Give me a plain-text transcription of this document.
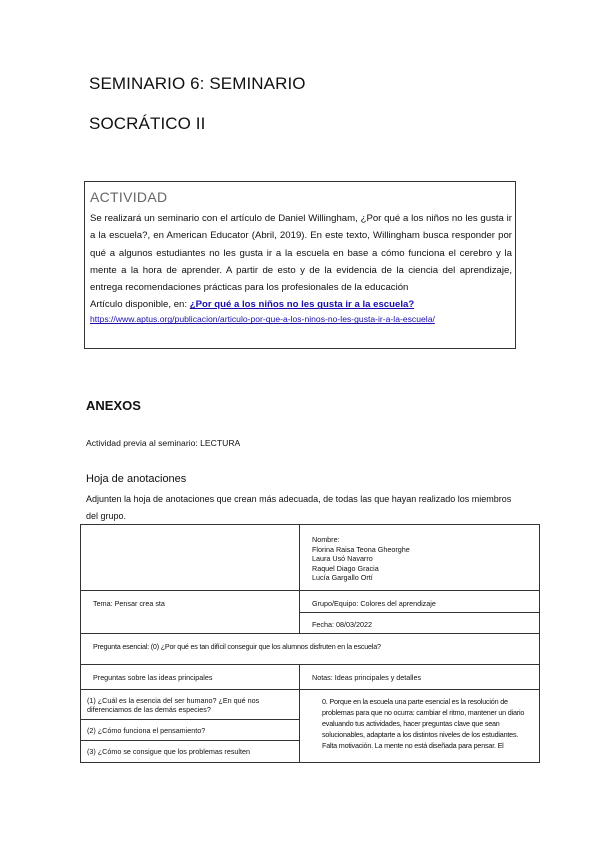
SEMINARIO 6: SEMINARIO
SOCRÁTICO II
ACTIVIDAD
Se realizará un seminario con el artículo de Daniel Willingham, ¿Por qué a los niños no les gusta ir a la escuela?, en American Educator (Abril, 2019). En este texto, Willingham busca responder por qué a algunos estudiantes no les gusta ir a la escuela en base a cómo funciona el cerebro y la mente a la hora de aprender. A partir de esto y de la evidencia de la ciencia del aprendizaje, entrega recomendaciones prácticas para los profesionales de la educación
Artículo disponible, en: ¿Por qué a los niños no les gusta ir a la escuela?
https://www.aptus.org/publicacion/articulo-por-que-a-los-ninos-no-les-gusta-ir-a-la-escuela/
ANEXOS
Actividad previa al seminario: LECTURA
Hoja de anotaciones
Adjunten la hoja de anotaciones que crean más adecuada, de todas las que hayan realizado los miembros del grupo.

	Nombre:
Florina Raisa Teona Gheorghe
Laura Usó Navarro
Raquel Diago Gracia
Lucía Gargallo Ortí

Tema: Pensar crea sta	Grupo/Equipo: Colores del aprendizaje
	Fecha: 08/03/2022
Pregunta esencial: (0) ¿Por qué es tan difícil conseguir que los alumnos disfruten en la escuela?	
Preguntas sobre las ideas principales	Notas: Ideas principales y detalles
(1) ¿Cuál es la esencia del ser humano? ¿En qué nos diferenciamos de las demás especies?	0. Porque en la escuela una parte esencial es la resolución de problemas para que no ocurra: cambiar el ritmo, mantener un diario evaluando tus actividades, hacer preguntas clave que sean solucionables, adaptarte a los distintos niveles de los estudiantes. Falta motivación. La mente no está diseñada para pensar. El
(2) ¿Cómo funciona el pensamiento?	
(3) ¿Cómo se consigue que los problemas resulten	
